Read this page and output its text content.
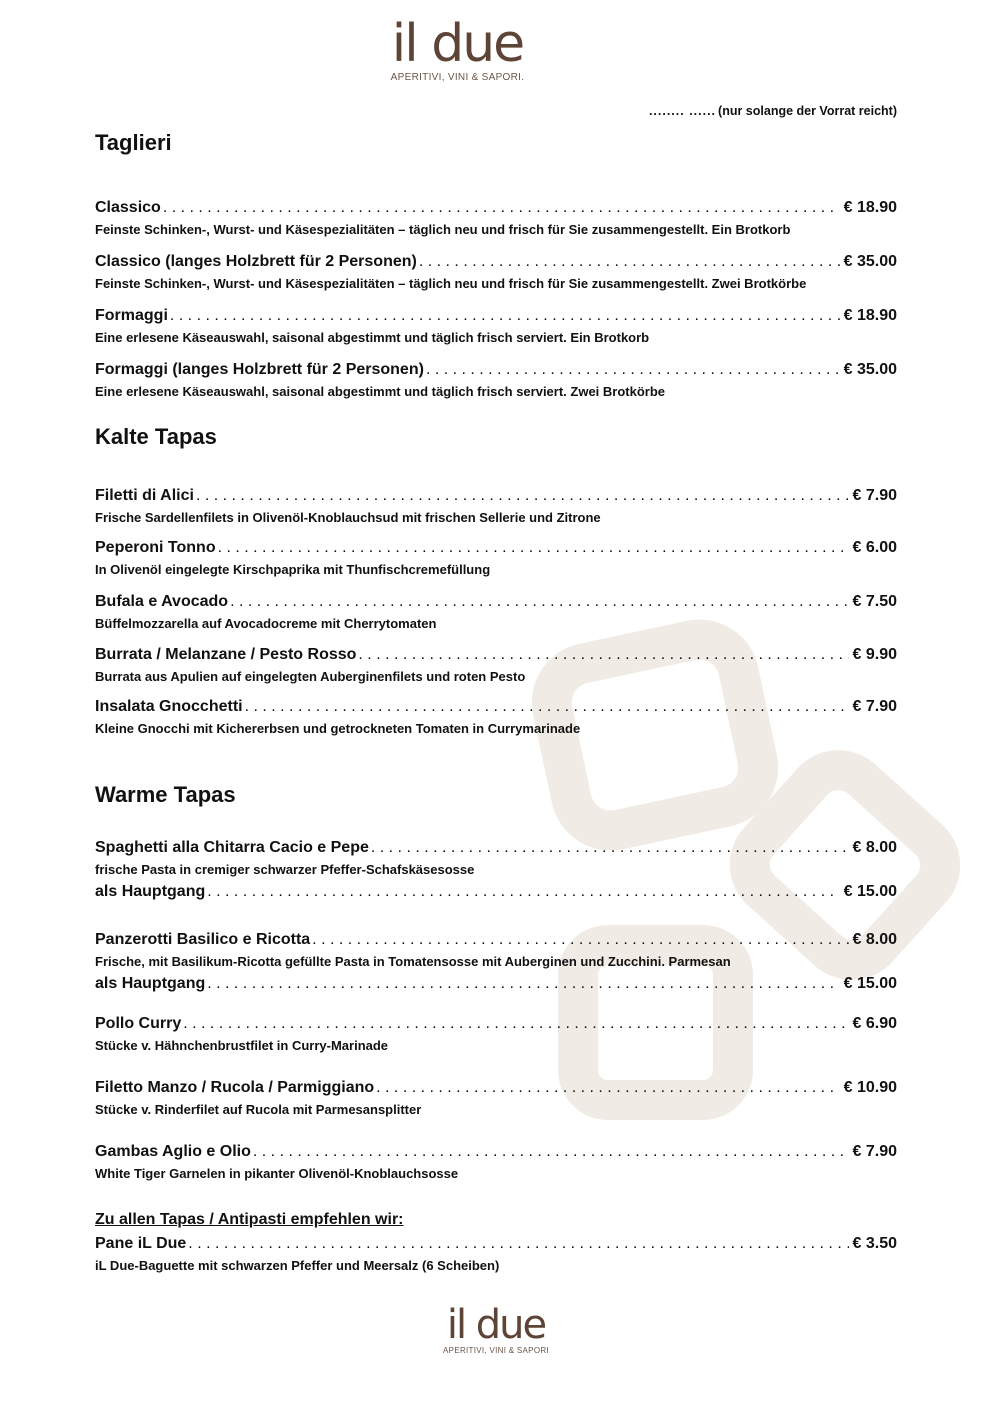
il due
APERITIVI, VINI & SAPORI.
........ ...... (nur solange der Vorrat reicht)
Taglieri
Classico . . .	€ 18.90
Feinste Schinken-, Wurst- und Käsespezialitäten – täglich neu und frisch für Sie zusammengestellt. Ein Brotkorb
Classico (langes Holzbrett für 2 Personen) . . .	€ 35.00
Feinste Schinken-, Wurst- und Käsespezialitäten – täglich neu und frisch für Sie zusammengestellt. Zwei Brotkörbe
Formaggi . . .	€ 18.90
Eine erlesene Käseauswahl, saisonal abgestimmt und täglich frisch serviert. Ein Brotkorb
Formaggi (langes Holzbrett für 2 Personen) . . .	€ 35.00
Eine erlesene Käseauswahl, saisonal abgestimmt und täglich frisch serviert. Zwei Brotkörbe
Kalte Tapas
Filetti di Alici . . .	€ 7.90
Frische Sardellenfilets in Olivenöl-Knoblauchsud mit frischen Sellerie und Zitrone
Peperoni Tonno . . .	€ 6.00
In Olivenöl eingelegte Kirschpaprika mit Thunfischcremefüllung
Bufala e Avocado . . .	€ 7.50
Büffelmozzarella auf Avocadocreme mit Cherrytomaten
Burrata / Melanzane / Pesto Rosso . . .	€ 9.90
Burrata aus Apulien auf eingelegten Auberginenfilets und roten Pesto
Insalata Gnocchetti . . .	€ 7.90
Kleine Gnocchi mit Kichererbsen und getrockneten Tomaten in Currymarinade
Warme Tapas
Spaghetti alla Chitarra Cacio e Pepe . . .	€ 8.00
frische Pasta in cremiger schwarzer Pfeffer-Schafskäsesosse
als Hauptgang . . .	€ 15.00
Panzerotti Basilico e Ricotta . . .	€ 8.00
Frische, mit Basilikum-Ricotta gefüllte Pasta in Tomatensosse mit Auberginen und Zucchini. Parmesan
als Hauptgang . . .	€ 15.00
Pollo Curry . . .	€ 6.90
Stücke v. Hähnchenbrustfilet in Curry-Marinade
Filetto Manzo / Rucola / Parmiggiano . . .	€ 10.90
Stücke v. Rinderfilet auf Rucola mit Parmesansplitter
Gambas Aglio e Olio . . .	€ 7.90
White Tiger Garnelen in pikanter Olivenöl-Knoblauchsosse
Zu allen Tapas / Antipasti empfehlen wir:
Pane iL Due . . .	€ 3.50
iL Due-Baguette mit schwarzen Pfeffer und Meersalz (6 Scheiben)
il due
APERITIVI, VINI & SAPORI
